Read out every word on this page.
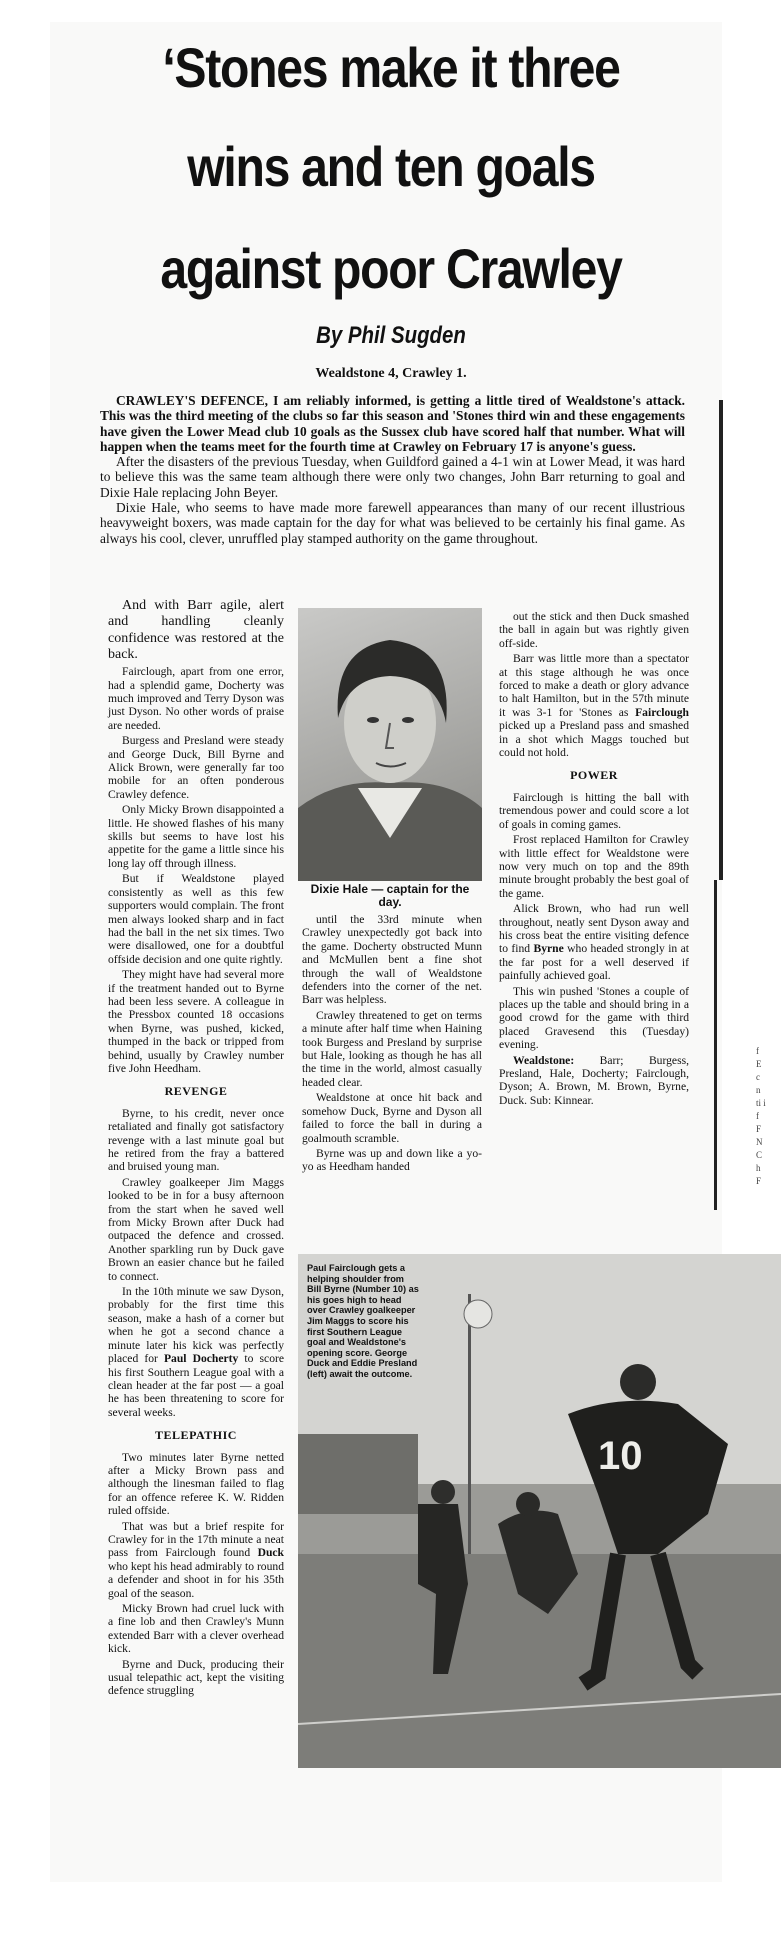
‘Stones make it three
wins and ten goals
against poor Crawley
By Phil Sugden
Wealdstone 4, Crawley 1.

CRAWLEY'S DEFENCE, I am reliably informed, is getting a little tired of Wealdstone's attack. This was the third meeting of the clubs so far this season and 'Stones third win and these engagements have given the Lower Mead club 10 goals as the Sussex club have scored half that number. What will happen when the teams meet for the fourth time at Crawley on February 17 is anyone's guess.

After the disasters of the previous Tuesday, when Guildford gained a 4-1 win at Lower Mead, it was hard to believe this was the same team although there were only two changes, John Barr returning to goal and Dixie Hale replacing John Beyer.

Dixie Hale, who seems to have made more farewell appearances than many of our recent illustrious heavyweight boxers, was made captain for the day for what was believed to be certainly his final game. As always his cool, clever, unruffled play stamped authority on the game throughout.

f E c n ti i f F N C h F

And with Barr agile, alert and handling cleanly confidence was restored at the back.

Fairclough, apart from one error, had a splendid game, Docherty was much improved and Terry Dyson was just Dyson. No other words of praise are needed.

Burgess and Presland were steady and George Duck, Bill Byrne and Alick Brown, were generally far too mobile for an often ponderous Crawley defence.

Only Micky Brown disappointed a little. He showed flashes of his many skills but seems to have lost his appetite for the game a little since his long lay off through illness.

But if Wealdstone played consistently as well as this few supporters would complain. The front men always looked sharp and in fact had the ball in the net six times. Two were disallowed, one for a doubtful offside decision and one quite rightly.

They might have had several more if the treatment handed out to Byrne had been less severe. A colleague in the Pressbox counted 18 occasions when Byrne, was pushed, kicked, thumped in the back or tripped from behind, usually by Crawley number five John Heedham.

REVENGE

Byrne, to his credit, never once retaliated and finally got satisfactory revenge with a last minute goal but he retired from the fray a battered and bruised young man.

Crawley goalkeeper Jim Maggs looked to be in for a busy afternoon from the start when he saved well from Micky Brown after Duck had outpaced the defence and crossed. Another sparkling run by Duck gave Brown an easier chance but he failed to connect.

In the 10th minute we saw Dyson, probably for the first time this season, make a hash of a corner but when he got a second chance a minute later his kick was perfectly placed for Paul Docherty to score his first Southern League goal with a clean header at the far post — a goal he has been threatening to score for several weeks.

TELEPATHIC

Two minutes later Byrne netted after a Micky Brown pass and although the linesman failed to flag for an offence referee K. W. Ridden ruled offside.

That was but a brief respite for Crawley for in the 17th minute a neat pass from Fairclough found Duck who kept his head admirably to round a defender and shoot in for his 35th goal of the season.

Micky Brown had cruel luck with a fine lob and then Crawley's Munn extended Barr with a clever overhead kick.

Byrne and Duck, producing their usual telepathic act, kept the visiting defence struggling

Dixie Hale — captain for the day.

until the 33rd minute when Crawley unexpectedly got back into the game. Docherty obstructed Munn and McMullen bent a fine shot through the wall of Wealdstone defenders into the corner of the net. Barr was helpless.

Crawley threatened to get on terms a minute after half time when Haining took Burgess and Presland by surprise but Hale, looking as though he has all the time in the world, almost casually headed clear.

Wealdstone at once hit back and somehow Duck, Byrne and Dyson all failed to force the ball in during a goalmouth scramble.

Byrne was up and down like a yo-yo as Heedham handed

out the stick and then Duck smashed the ball in again but was rightly given off-side.

Barr was little more than a spectator at this stage although he was once forced to make a death or glory advance to halt Hamilton, but in the 57th minute it was 3-1 for 'Stones as Fairclough picked up a Presland pass and smashed in a shot which Maggs touched but could not hold.

POWER

Fairclough is hitting the ball with tremendous power and could score a lot of goals in coming games.

Frost replaced Hamilton for Crawley with little effect for Wealdstone were now very much on top and the 89th minute brought probably the best goal of the game.

Alick Brown, who had run well throughout, neatly sent Dyson away and his cross beat the entire visiting defence to find Byrne who headed strongly in at the far post for a well deserved if painfully achieved goal.

This win pushed 'Stones a couple of places up the table and should bring in a good crowd for the game with third placed Gravesend this (Tuesday) evening.

Wealdstone: Barr; Burgess, Presland, Hale, Docherty; Fairclough, Dyson; A. Brown, M. Brown, Byrne, Duck. Sub: Kinnear.

10
Paul Fairclough gets a helping shoulder from Bill Byrne (Number 10) as his goes high to head over Crawley goalkeeper Jim Maggs to score his first Southern League goal and Wealdstone's opening score. George Duck and Eddie Presland (left) await the outcome.
